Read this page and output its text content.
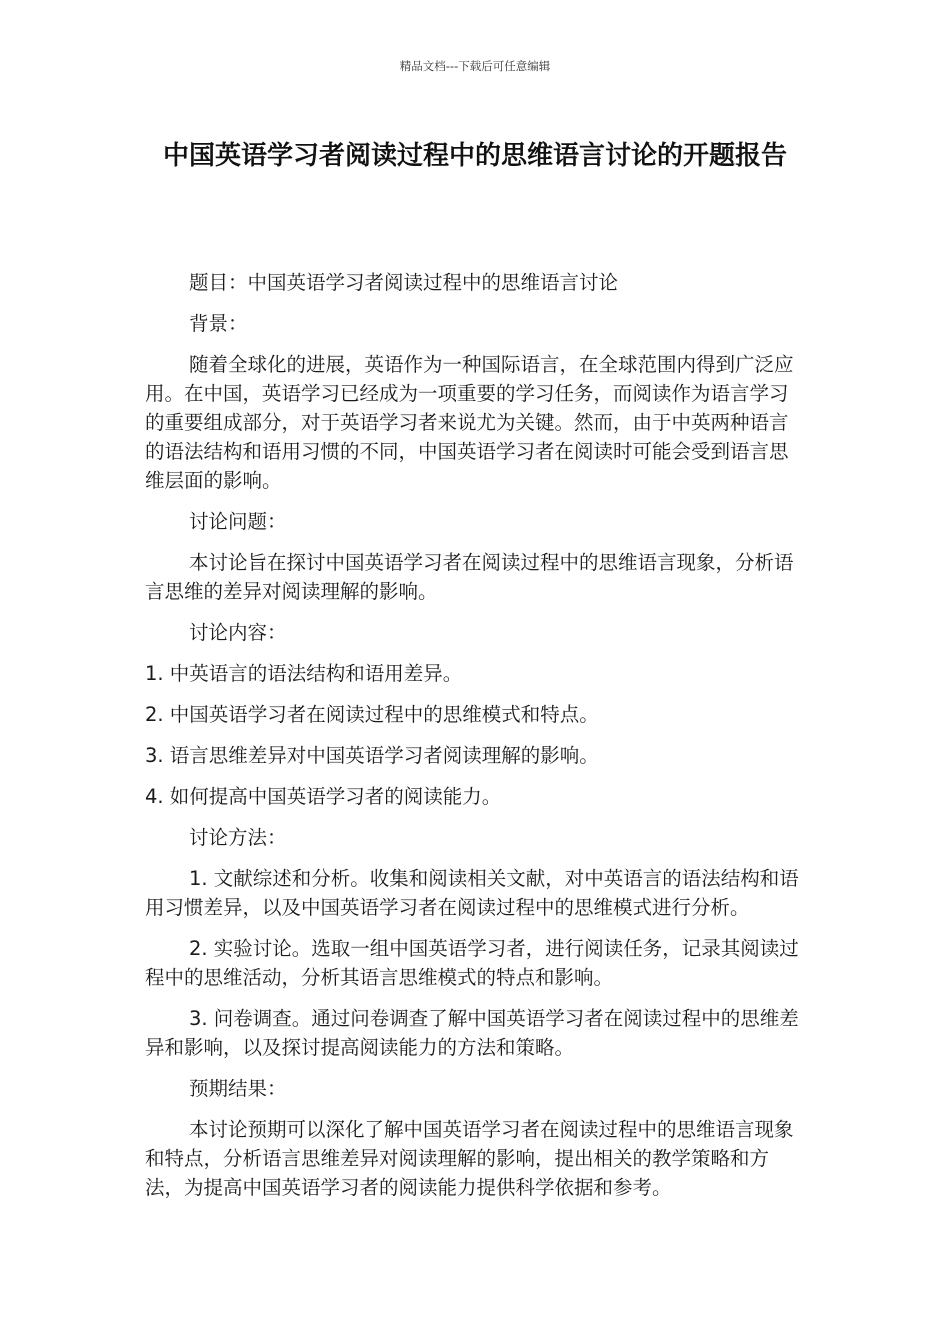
精品文档---下载后可任意编辑
中国英语学习者阅读过程中的思维语言讨论的开题报告

题目：中国英语学习者阅读过程中的思维语言讨论

背景：

随着全球化的进展，英语作为一种国际语言，在全球范围内得到广泛应用。在中国，英语学习已经成为一项重要的学习任务，而阅读作为语言学习的重要组成部分，对于英语学习者来说尤为关键。然而，由于中英两种语言的语法结构和语用习惯的不同，中国英语学习者在阅读时可能会受到语言思维层面的影响。

讨论问题：

本讨论旨在探讨中国英语学习者在阅读过程中的思维语言现象，分析语言思维的差异对阅读理解的影响。

讨论内容：

1. 中英语言的语法结构和语用差异。

2. 中国英语学习者在阅读过程中的思维模式和特点。

3. 语言思维差异对中国英语学习者阅读理解的影响。

4. 如何提高中国英语学习者的阅读能力。

讨论方法：

1. 文献综述和分析。收集和阅读相关文献，对中英语言的语法结构和语用习惯差异，以及中国英语学习者在阅读过程中的思维模式进行分析。

2. 实验讨论。选取一组中国英语学习者，进行阅读任务，记录其阅读过程中的思维活动，分析其语言思维模式的特点和影响。

3. 问卷调查。通过问卷调查了解中国英语学习者在阅读过程中的思维差异和影响，以及探讨提高阅读能力的方法和策略。

预期结果：

本讨论预期可以深化了解中国英语学习者在阅读过程中的思维语言现象和特点，分析语言思维差异对阅读理解的影响，提出相关的教学策略和方法，为提高中国英语学习者的阅读能力提供科学依据和参考。
